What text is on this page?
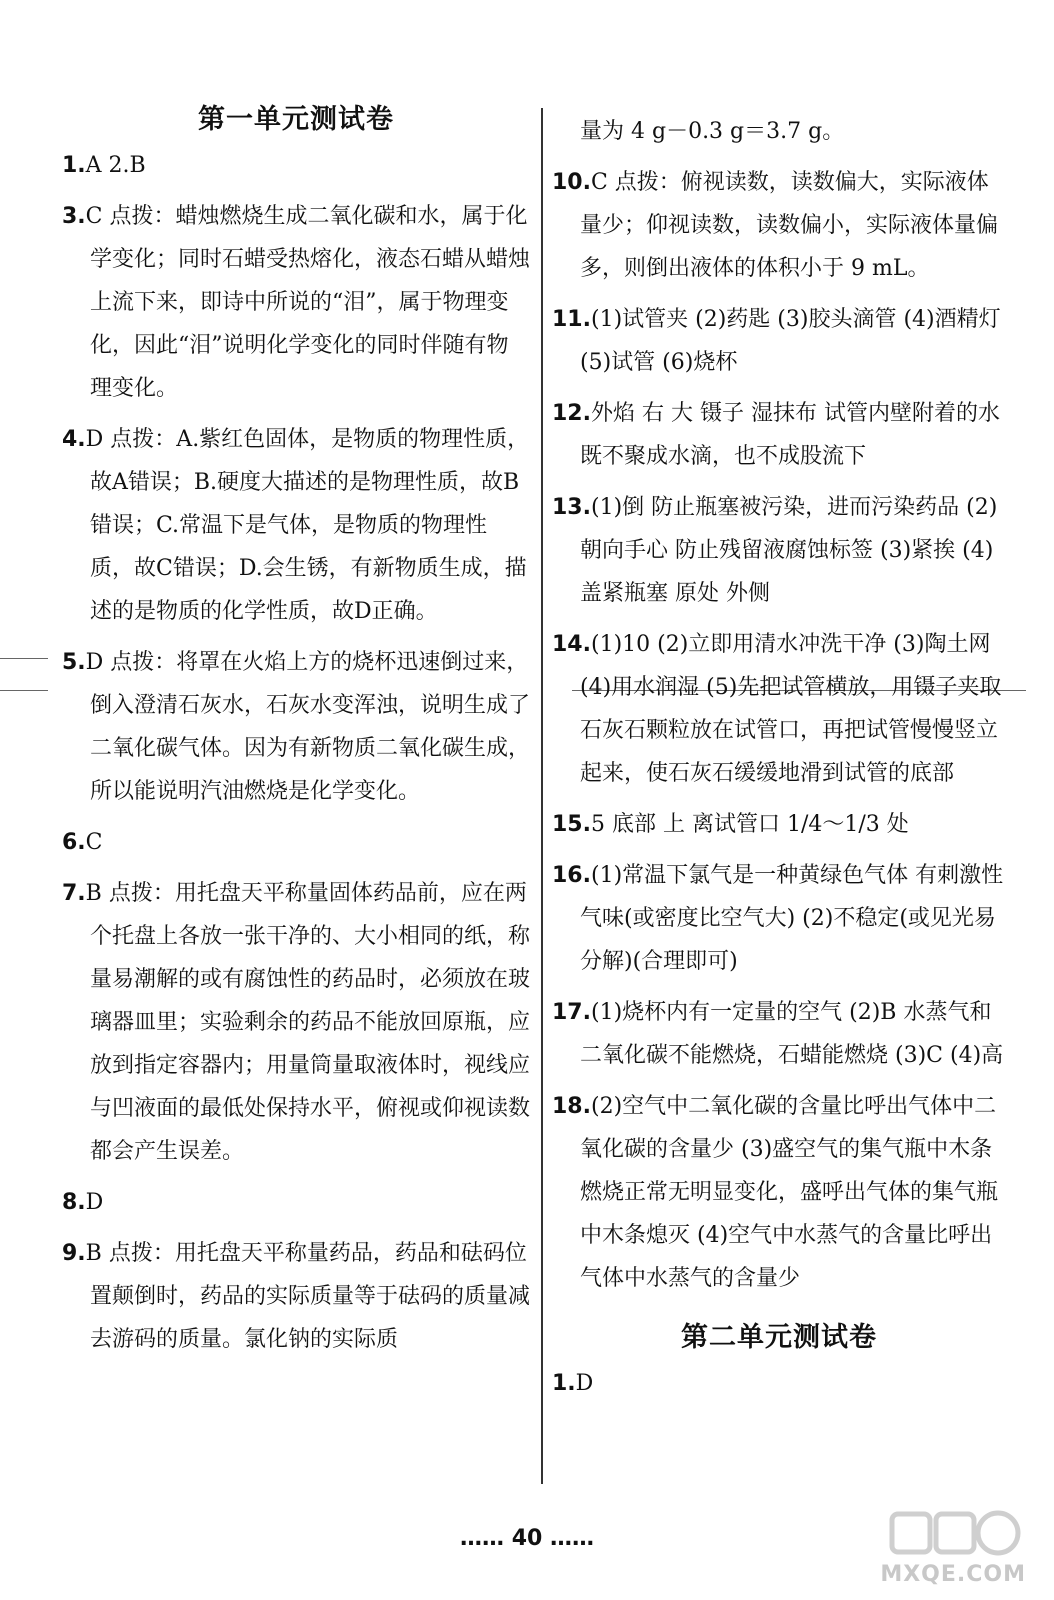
第一单元测试卷
1.A 2.B
3.C 点拨：蜡烛燃烧生成二氧化碳和水，属于化学变化；同时石蜡受热熔化，液态石蜡从蜡烛上流下来，即诗中所说的“泪”，属于物理变化，因此“泪”说明化学变化的同时伴随有物理变化。
4.D 点拨：A.紫红色固体，是物质的物理性质，故A错误；B.硬度大描述的是物理性质，故B错误；C.常温下是气体，是物质的物理性质，故C错误；D.会生锈，有新物质生成，描述的是物质的化学性质，故D正确。
5.D 点拨：将罩在火焰上方的烧杯迅速倒过来，倒入澄清石灰水，石灰水变浑浊，说明生成了二氧化碳气体。因为有新物质二氧化碳生成，所以能说明汽油燃烧是化学变化。
6.C
7.B 点拨：用托盘天平称量固体药品前，应在两个托盘上各放一张干净的、大小相同的纸，称量易潮解的或有腐蚀性的药品时，必须放在玻璃器皿里；实验剩余的药品不能放回原瓶，应放到指定容器内；用量筒量取液体时，视线应与凹液面的最低处保持水平，俯视或仰视读数都会产生误差。
8.D
9.B 点拨：用托盘天平称量药品，药品和砝码位置颠倒时，药品的实际质量等于砝码的质量减去游码的质量。氯化钠的实际质
量为 4 g－0.3 g＝3.7 g。
10.C 点拨：俯视读数，读数偏大，实际液体量少；仰视读数，读数偏小，实际液体量偏多，则倒出液体的体积小于 9 mL。
11.(1)试管夹 (2)药匙 (3)胶头滴管 (4)酒精灯 (5)试管 (6)烧杯
12.外焰 右 大 镊子 湿抹布 试管内壁附着的水既不聚成水滴，也不成股流下
13.(1)倒 防止瓶塞被污染，进而污染药品 (2)朝向手心 防止残留液腐蚀标签 (3)紧挨 (4)盖紧瓶塞 原处 外侧
14.(1)10 (2)立即用清水冲洗干净 (3)陶土网 (4)用水润湿 (5)先把试管横放，用镊子夹取石灰石颗粒放在试管口，再把试管慢慢竖立起来，使石灰石缓缓地滑到试管的底部
15.5 底部 上 离试管口 1/4～1/3 处
16.(1)常温下氯气是一种黄绿色气体 有刺激性气味(或密度比空气大) (2)不稳定(或见光易分解)(合理即可)
17.(1)烧杯内有一定量的空气 (2)B 水蒸气和二氧化碳不能燃烧，石蜡能燃烧 (3)C (4)高
18.(2)空气中二氧化碳的含量比呼出气体中二氧化碳的含量少 (3)盛空气的集气瓶中木条燃烧正常无明显变化，盛呼出气体的集气瓶中木条熄灭 (4)空气中水蒸气的含量比呼出气体中水蒸气的含量少
第二单元测试卷
1.D
…… 40 ……
MXQE.COM
